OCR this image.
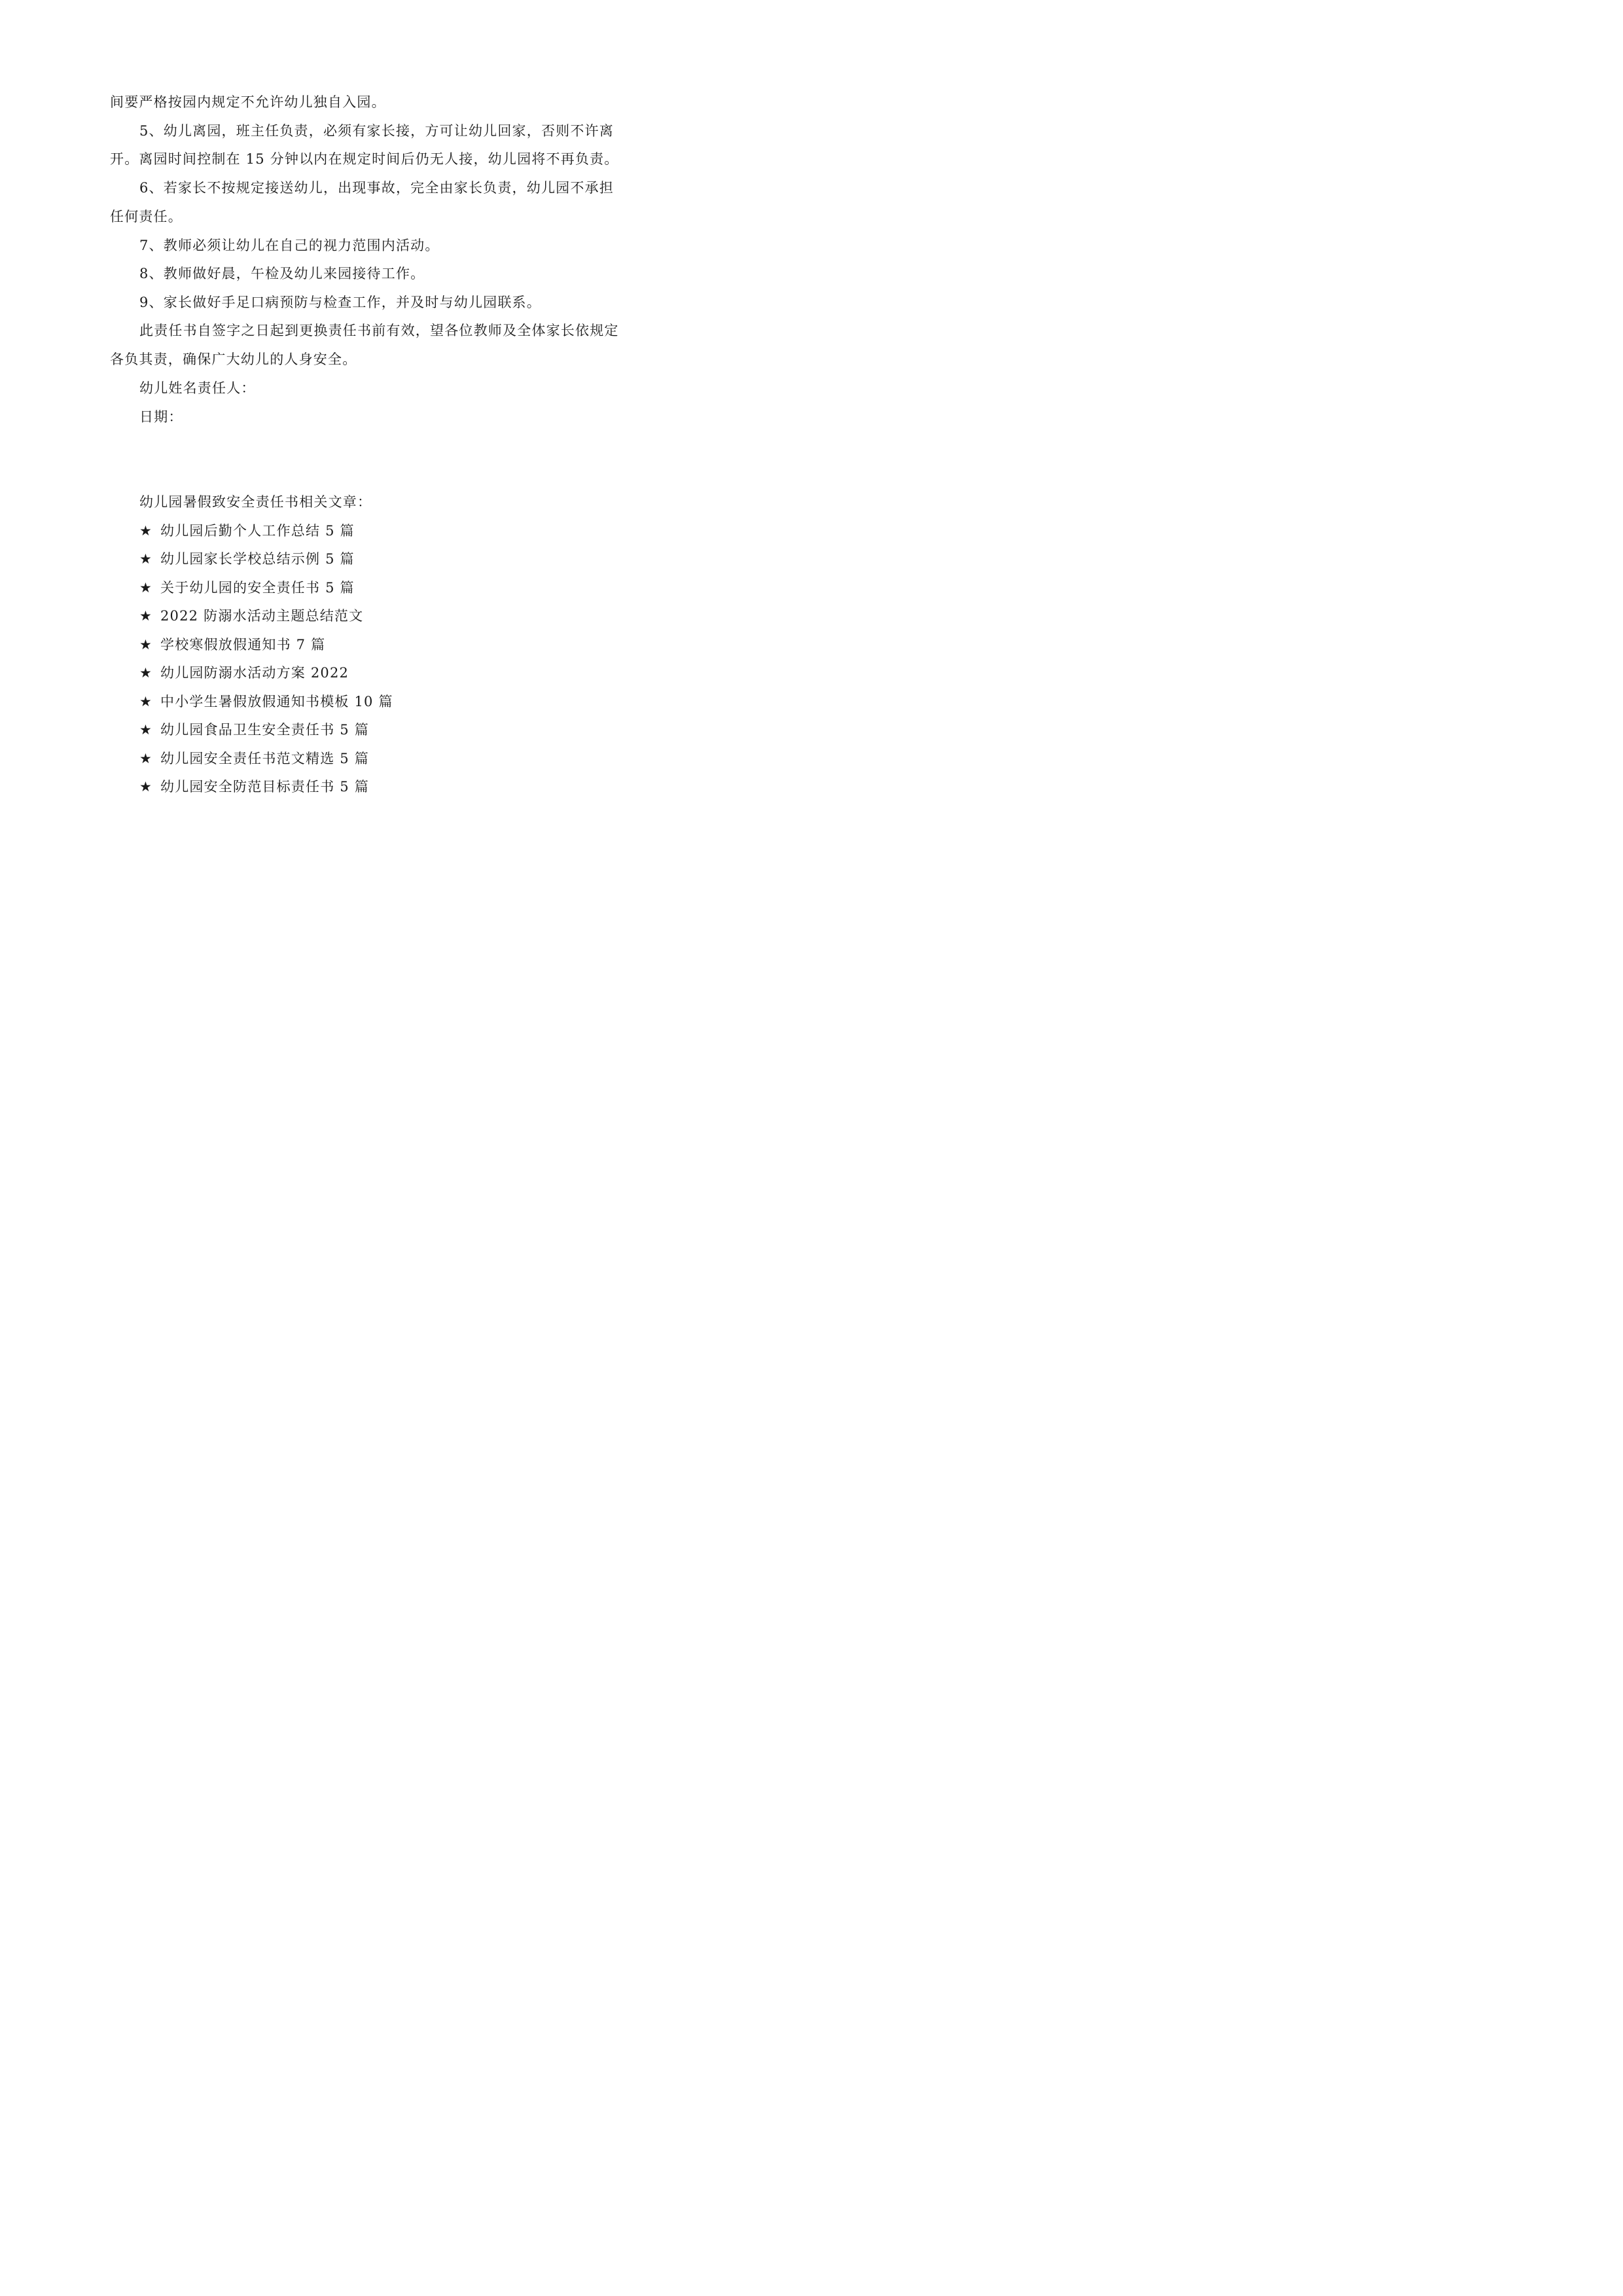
间要严格按园内规定不允许幼儿独自入园。
5、幼儿离园，班主任负责，必须有家长接，方可让幼儿回家，否则不许离
开。离园时间控制在 15 分钟以内在规定时间后仍无人接，幼儿园将不再负责。
6、若家长不按规定接送幼儿，出现事故，完全由家长负责，幼儿园不承担
任何责任。
7、教师必须让幼儿在自己的视力范围内活动。
8、教师做好晨，午检及幼儿来园接待工作。
9、家长做好手足口病预防与检查工作，并及时与幼儿园联系。
此责任书自签字之日起到更换责任书前有效，望各位教师及全体家长依规定
各负其责，确保广大幼儿的人身安全。
幼儿姓名责任人：
日期：
幼儿园暑假致安全责任书相关文章：
★ 幼儿园后勤个人工作总结 5 篇
★ 幼儿园家长学校总结示例 5 篇
★ 关于幼儿园的安全责任书 5 篇
★ 2022 防溺水活动主题总结范文
★ 学校寒假放假通知书 7 篇
★ 幼儿园防溺水活动方案 2022
★ 中小学生暑假放假通知书模板 10 篇
★ 幼儿园食品卫生安全责任书 5 篇
★ 幼儿园安全责任书范文精选 5 篇
★ 幼儿园安全防范目标责任书 5 篇
